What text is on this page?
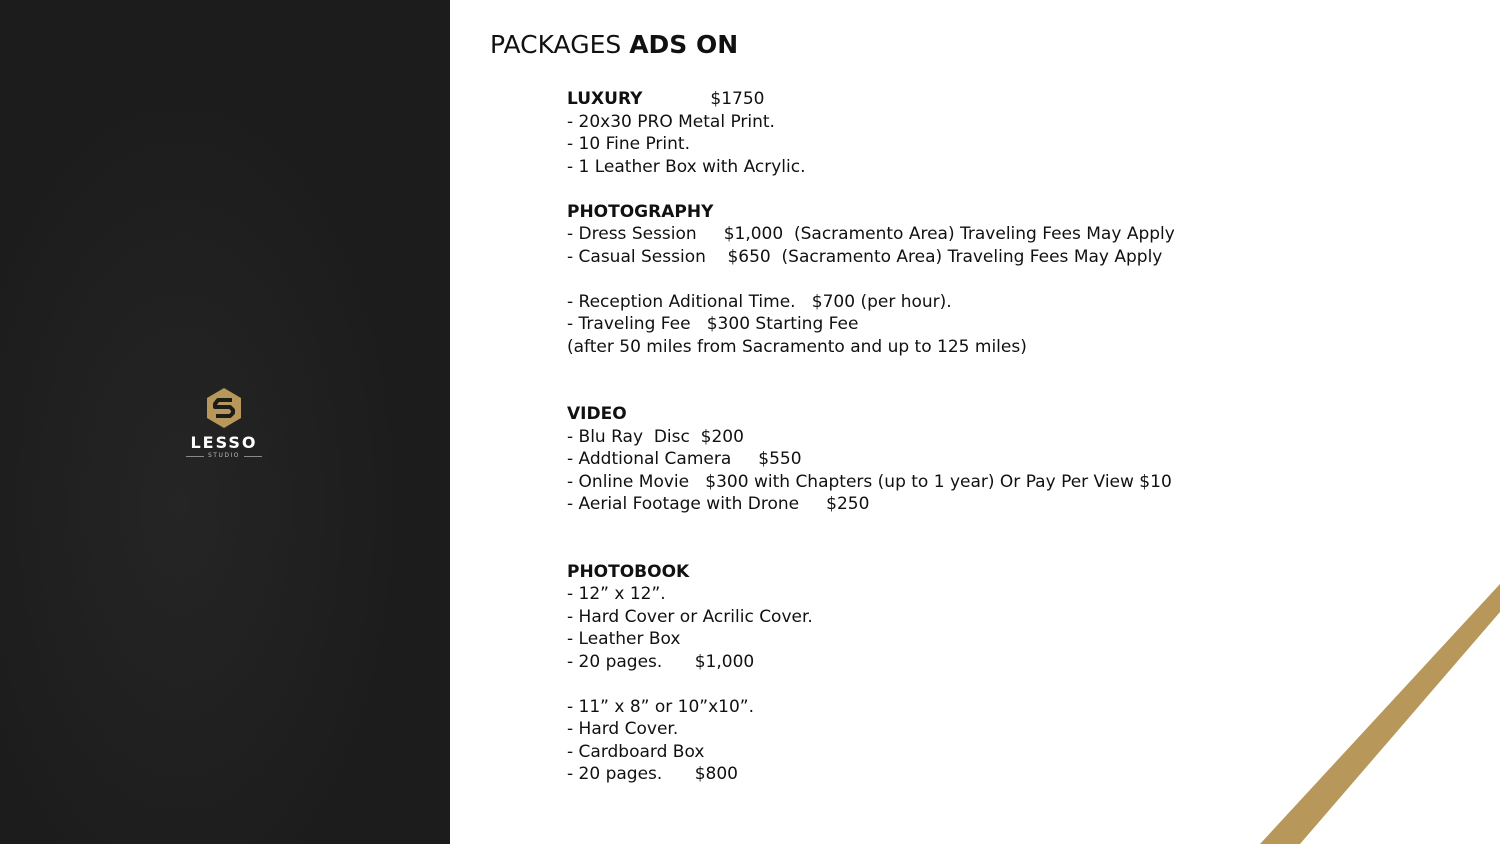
LESSO
STUDIO
PACKAGES ADS ON
LUXURY	$1750
- 20x30 PRO Metal Print.
- 10 Fine Print.
- 1 Leather Box with Acrylic.
PHOTOGRAPHY
- Dress Session     $1,000  (Sacramento Area) Traveling Fees May Apply
- Casual Session    $650  (Sacramento Area) Traveling Fees May Apply
- Reception Aditional Time.   $700 (per hour).
- Traveling Fee   $300 Starting Fee
(after 50 miles from Sacramento and up to 125 miles)
VIDEO
- Blu Ray  Disc  $200
- Addtional Camera     $550
- Online Movie   $300 with Chapters (up to 1 year) Or Pay Per View $10
- Aerial Footage with Drone     $250
PHOTOBOOK
- 12” x 12”.
- Hard Cover or Acrilic Cover.
- Leather Box
- 20 pages.      $1,000
- 11” x 8” or 10”x10”.
- Hard Cover.
- Cardboard Box
- 20 pages.      $800
